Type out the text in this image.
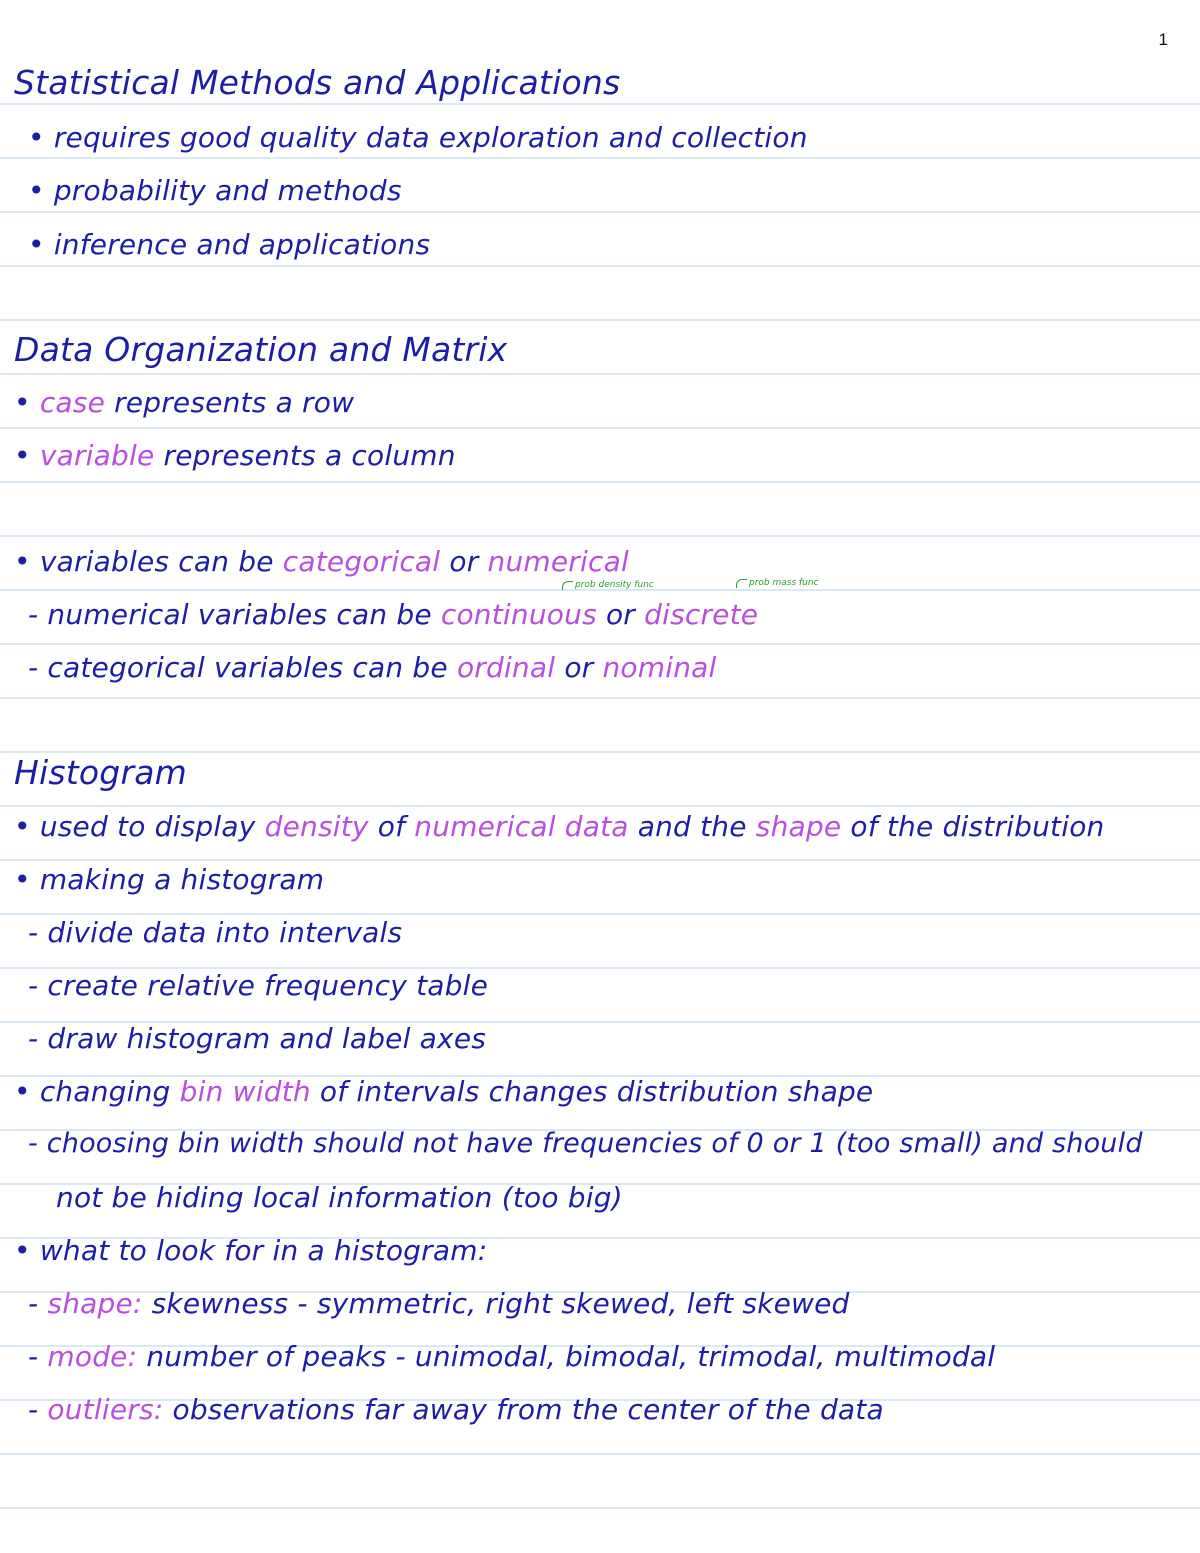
1
Statistical Methods and Applications
• requires good quality data exploration and collection
• probability and methods
• inference and applications
Data Organization and Matrix
• case represents a row
• variable represents a column
• variables can be categorical or numerical
prob density func	prob mass func
- numerical variables can be continuous or discrete
- categorical variables can be ordinal or nominal
Histogram
• used to display density of numerical data and the shape of the distribution
• making a histogram
- divide data into intervals
- create relative frequency table
- draw histogram and label axes
• changing bin width of intervals changes distribution shape
- choosing bin width should not have frequencies of 0 or 1 (too small) and should
not be hiding local information (too big)
• what to look for in a histogram:
- shape: skewness - symmetric, right skewed, left skewed
- mode: number of peaks - unimodal, bimodal, trimodal, multimodal
- outliers: observations far away from the center of the data
